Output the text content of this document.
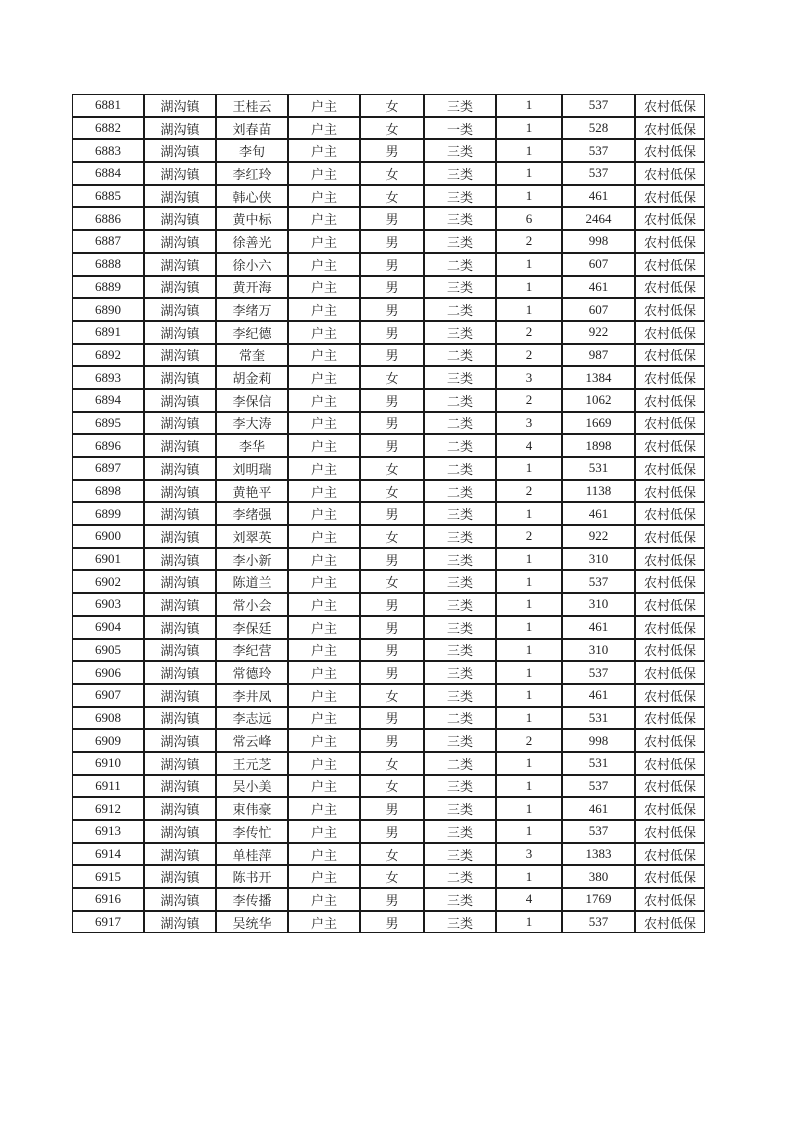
6881	湖沟镇	王桂云	户主	女	三类	1	537	农村低保
6882	湖沟镇	刘春苗	户主	女	一类	1	528	农村低保
6883	湖沟镇	李旬	户主	男	三类	1	537	农村低保
6884	湖沟镇	李红玲	户主	女	三类	1	537	农村低保
6885	湖沟镇	韩心侠	户主	女	三类	1	461	农村低保
6886	湖沟镇	黄中标	户主	男	三类	6	2464	农村低保
6887	湖沟镇	徐善光	户主	男	三类	2	998	农村低保
6888	湖沟镇	徐小六	户主	男	二类	1	607	农村低保
6889	湖沟镇	黄开海	户主	男	三类	1	461	农村低保
6890	湖沟镇	李绪万	户主	男	二类	1	607	农村低保
6891	湖沟镇	李纪德	户主	男	三类	2	922	农村低保
6892	湖沟镇	常奎	户主	男	二类	2	987	农村低保
6893	湖沟镇	胡金莉	户主	女	三类	3	1384	农村低保
6894	湖沟镇	李保信	户主	男	二类	2	1062	农村低保
6895	湖沟镇	李大涛	户主	男	二类	3	1669	农村低保
6896	湖沟镇	李华	户主	男	二类	4	1898	农村低保
6897	湖沟镇	刘明瑞	户主	女	二类	1	531	农村低保
6898	湖沟镇	黄艳平	户主	女	二类	2	1138	农村低保
6899	湖沟镇	李绪强	户主	男	三类	1	461	农村低保
6900	湖沟镇	刘翠英	户主	女	三类	2	922	农村低保
6901	湖沟镇	李小新	户主	男	三类	1	310	农村低保
6902	湖沟镇	陈道兰	户主	女	三类	1	537	农村低保
6903	湖沟镇	常小会	户主	男	三类	1	310	农村低保
6904	湖沟镇	李保廷	户主	男	三类	1	461	农村低保
6905	湖沟镇	李纪营	户主	男	三类	1	310	农村低保
6906	湖沟镇	常德玲	户主	男	三类	1	537	农村低保
6907	湖沟镇	李井凤	户主	女	三类	1	461	农村低保
6908	湖沟镇	李志远	户主	男	二类	1	531	农村低保
6909	湖沟镇	常云峰	户主	男	三类	2	998	农村低保
6910	湖沟镇	王元芝	户主	女	二类	1	531	农村低保
6911	湖沟镇	吴小美	户主	女	三类	1	537	农村低保
6912	湖沟镇	束伟豪	户主	男	三类	1	461	农村低保
6913	湖沟镇	李传忙	户主	男	三类	1	537	农村低保
6914	湖沟镇	单桂萍	户主	女	三类	3	1383	农村低保
6915	湖沟镇	陈书开	户主	女	二类	1	380	农村低保
6916	湖沟镇	李传播	户主	男	三类	4	1769	农村低保
6917	湖沟镇	吴统华	户主	男	三类	1	537	农村低保
